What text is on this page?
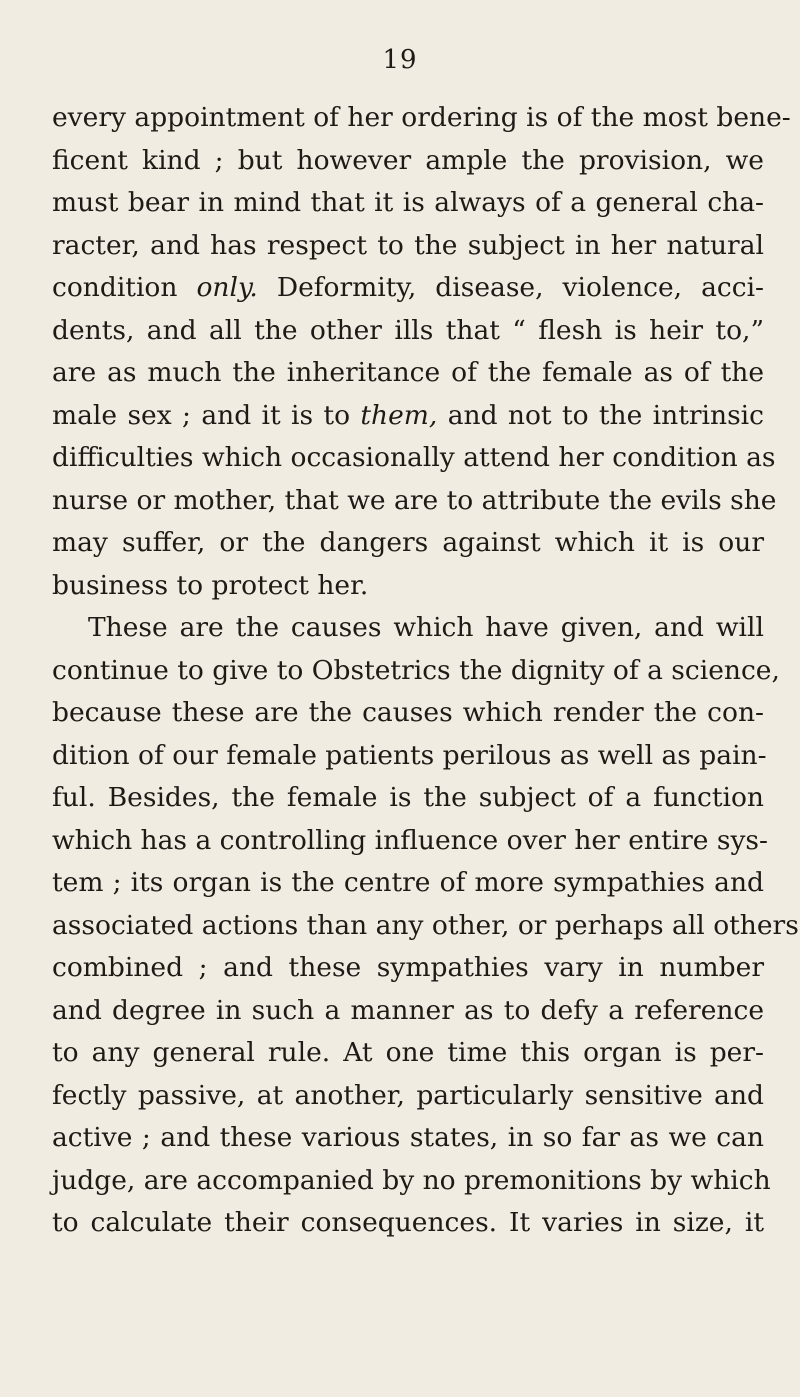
19
every appointment of her ordering is of the most bene-
ficent kind ; but however ample the provision, we
must bear in mind that it is always of a general cha-
racter, and has respect to the subject in her natural
condition only. Deformity, disease, violence, acci-
dents, and all the other ills that “ flesh is heir to,”
are as much the inheritance of the female as of the
male sex ; and it is to them, and not to the intrinsic
difficulties which occasionally attend her condition as
nurse or mother, that we are to attribute the evils she
may suffer, or the dangers against which it is our
business to protect her.
These are the causes which have given, and will
continue to give to Obstetrics the dignity of a science,
because these are the causes which render the con-
dition of our female patients perilous as well as pain-
ful. Besides, the female is the subject of a function
which has a controlling influence over her entire sys-
tem ; its organ is the centre of more sympathies and
associated actions than any other, or perhaps all others
combined ; and these sympathies vary in number
and degree in such a manner as to defy a reference
to any general rule. At one time this organ is per-
fectly passive, at another, particularly sensitive and
active ; and these various states, in so far as we can
judge, are accompanied by no premonitions by which
to calculate their consequences. It varies in size, it
